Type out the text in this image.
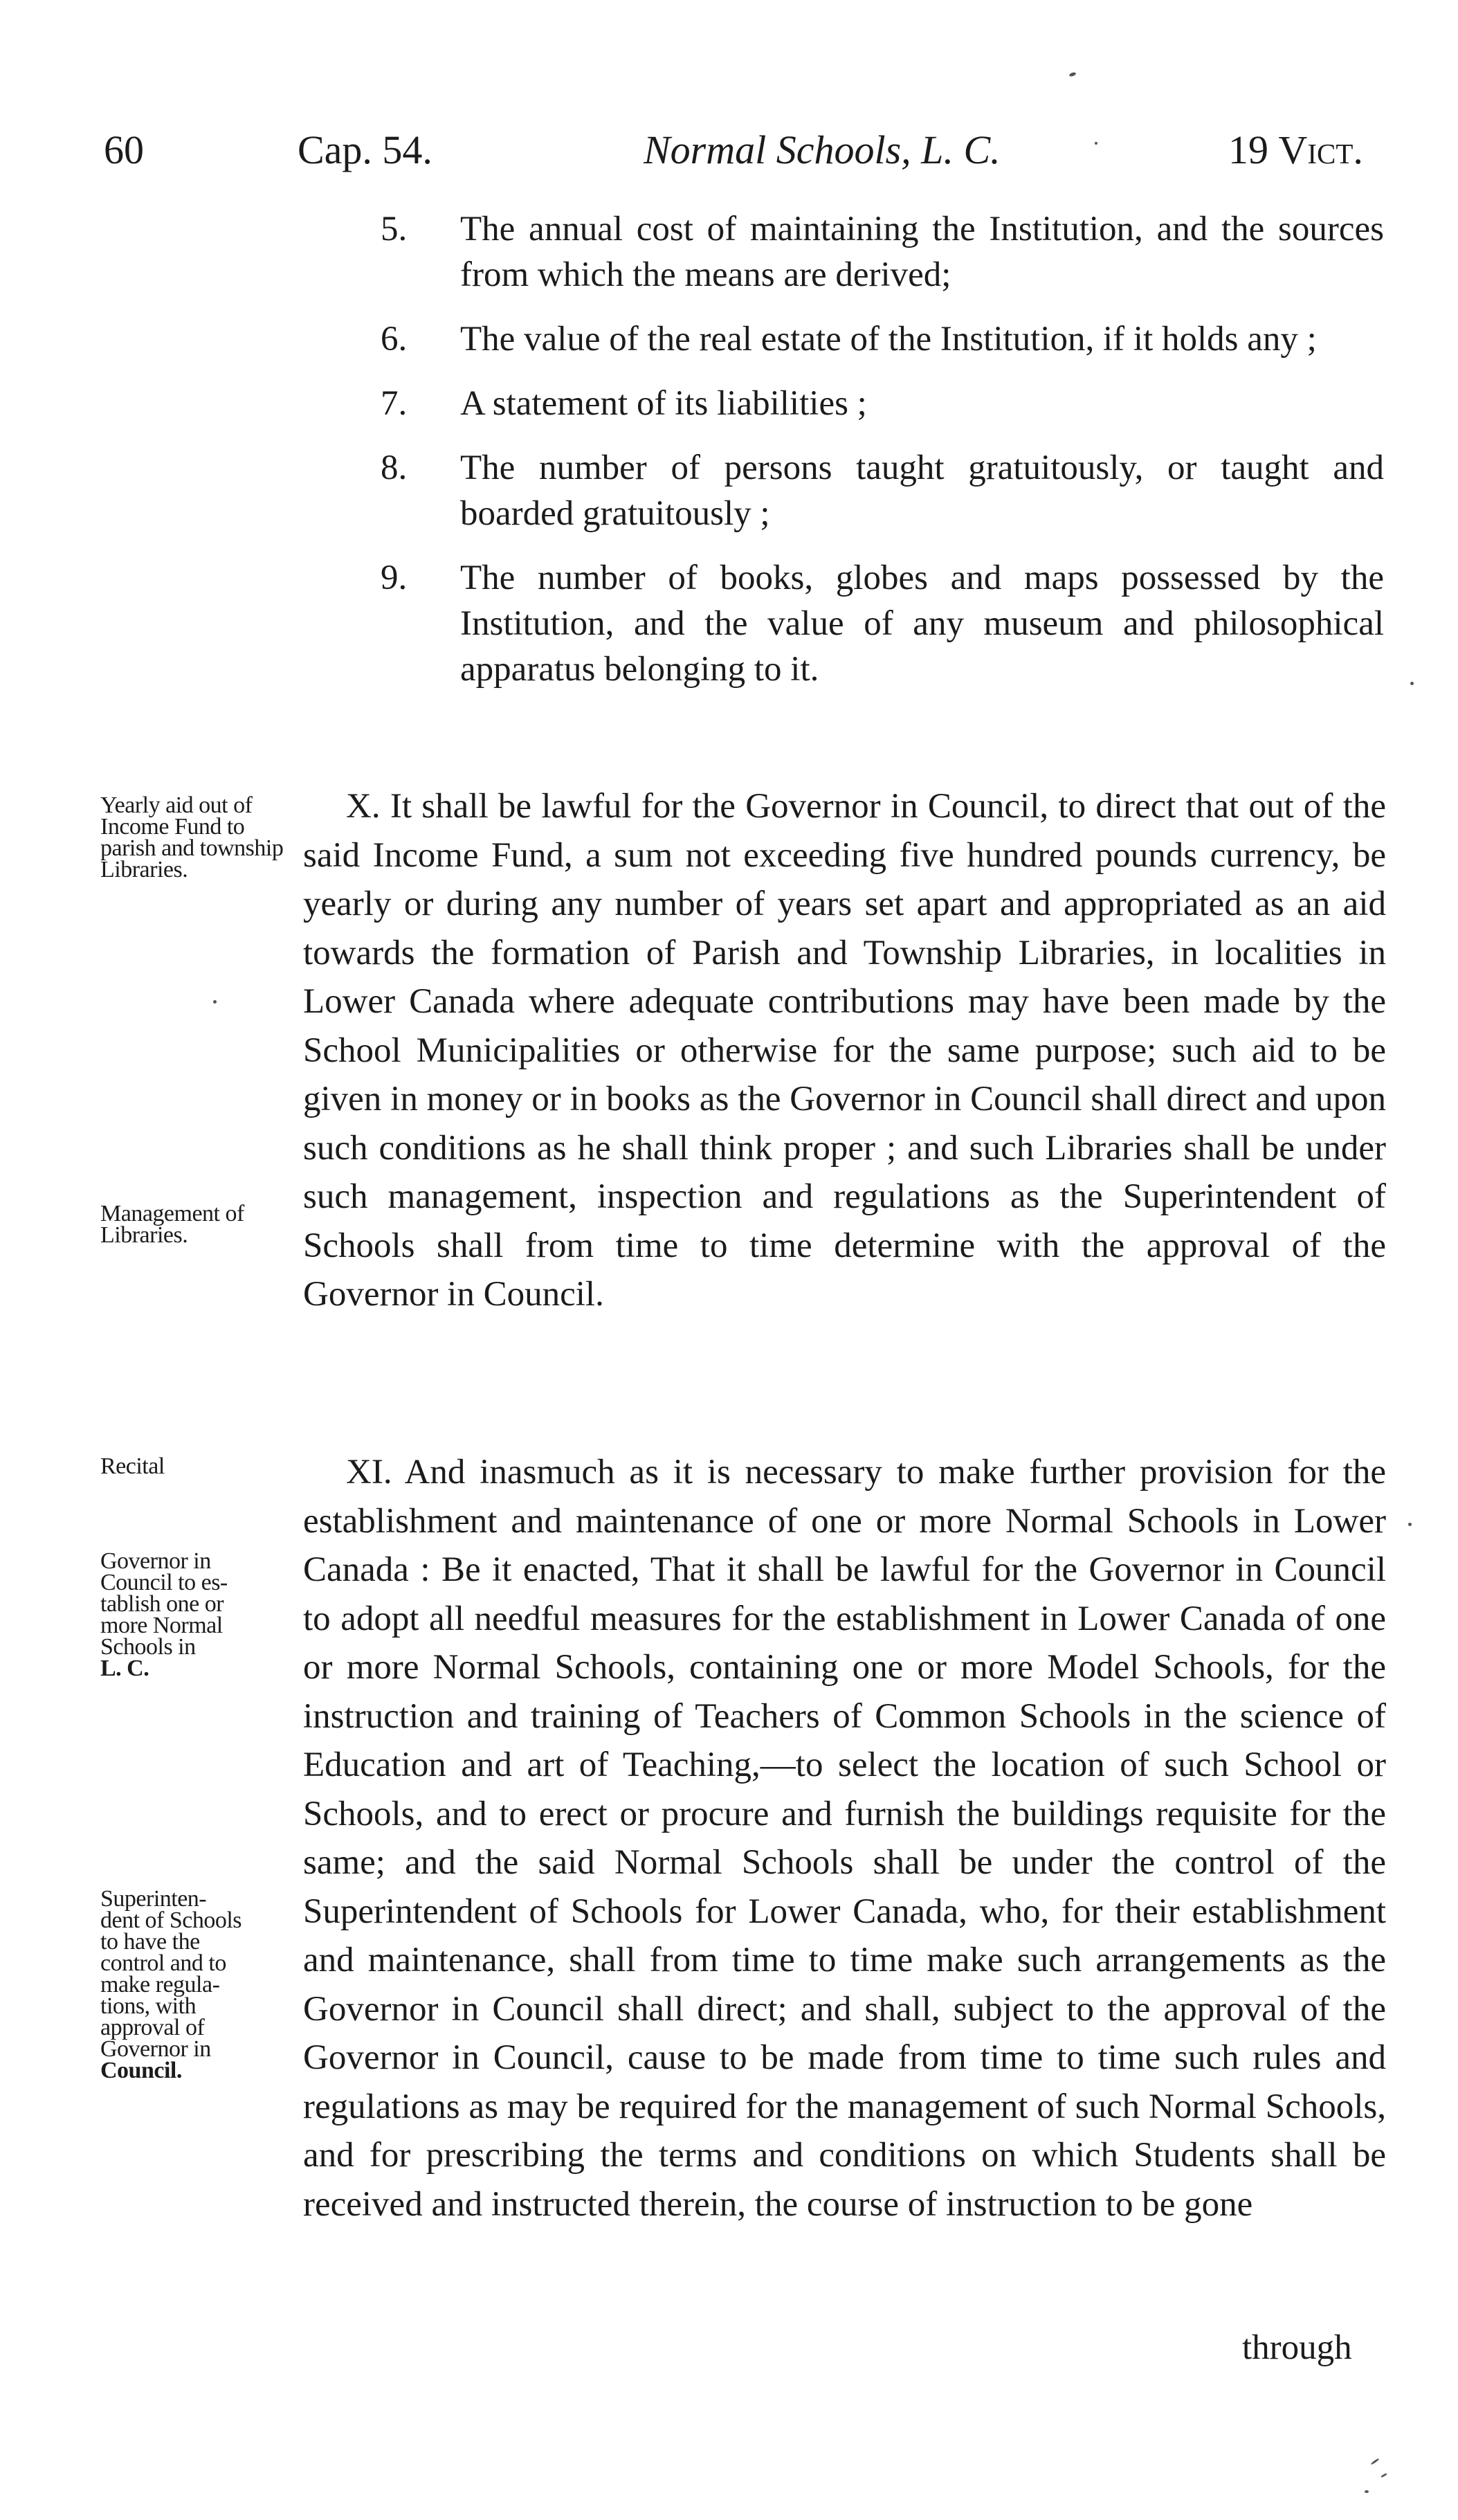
60	Cap. 54.	Normal Schools, L. C.	19 Vict.
5. The annual cost of maintaining the Institution, and the sources from which the means are derived;
6. The value of the real estate of the Institution, if it holds any ;
7. A statement of its liabilities ;
8. The number of persons taught gratuitously, or taught and boarded gratuitously ;
9. The number of books, globes and maps possessed by the Institution, and the value of any museum and philosophical apparatus belonging to it.

X. It shall be lawful for the Governor in Council, to direct that out of the said Income Fund, a sum not exceeding five hundred pounds currency, be yearly or during any number of years set apart and appropriated as an aid towards the formation of Parish and Township Libraries, in localities in Lower Canada where adequate contributions may have been made by the School Municipalities or otherwise for the same purpose; such aid to be given in money or in books as the Governor in Council shall direct and upon such conditions as he shall think proper ; and such Libraries shall be under such management, inspection and regulations as the Superintendent of Schools shall from time to time determine with the approval of the Governor in Council.

XI. And inasmuch as it is necessary to make further provision for the establishment and maintenance of one or more Normal Schools in Lower Canada : Be it enacted, That it shall be lawful for the Governor in Council to adopt all needful measures for the establishment in Lower Canada of one or more Normal Schools, containing one or more Model Schools, for the instruction and training of Teachers of Common Schools in the science of Education and art of Teaching,—to select the location of such School or Schools, and to erect or procure and furnish the buildings requisite for the same; and the said Normal Schools shall be under the control of the Superintendent of Schools for Lower Canada, who, for their establishment and maintenance, shall from time to time make such arrangements as the Governor in Council shall direct; and shall, subject to the approval of the Governor in Council, cause to be made from time to time such rules and regulations as may be required for the management of such Normal Schools, and for prescribing the terms and conditions on which Students shall be received and instructed therein, the course of instruction to be gone

through
Yearly aid out of Income Fund to parish and township Libraries.
Management of Libraries.
Recital
Governor in
Council to es-
tablish one or
more Normal
Schools in
L. C.
Superinten-
dent of Schools
to have the
control and to
make regula-
tions, with
approval of
Governor in
Council.
